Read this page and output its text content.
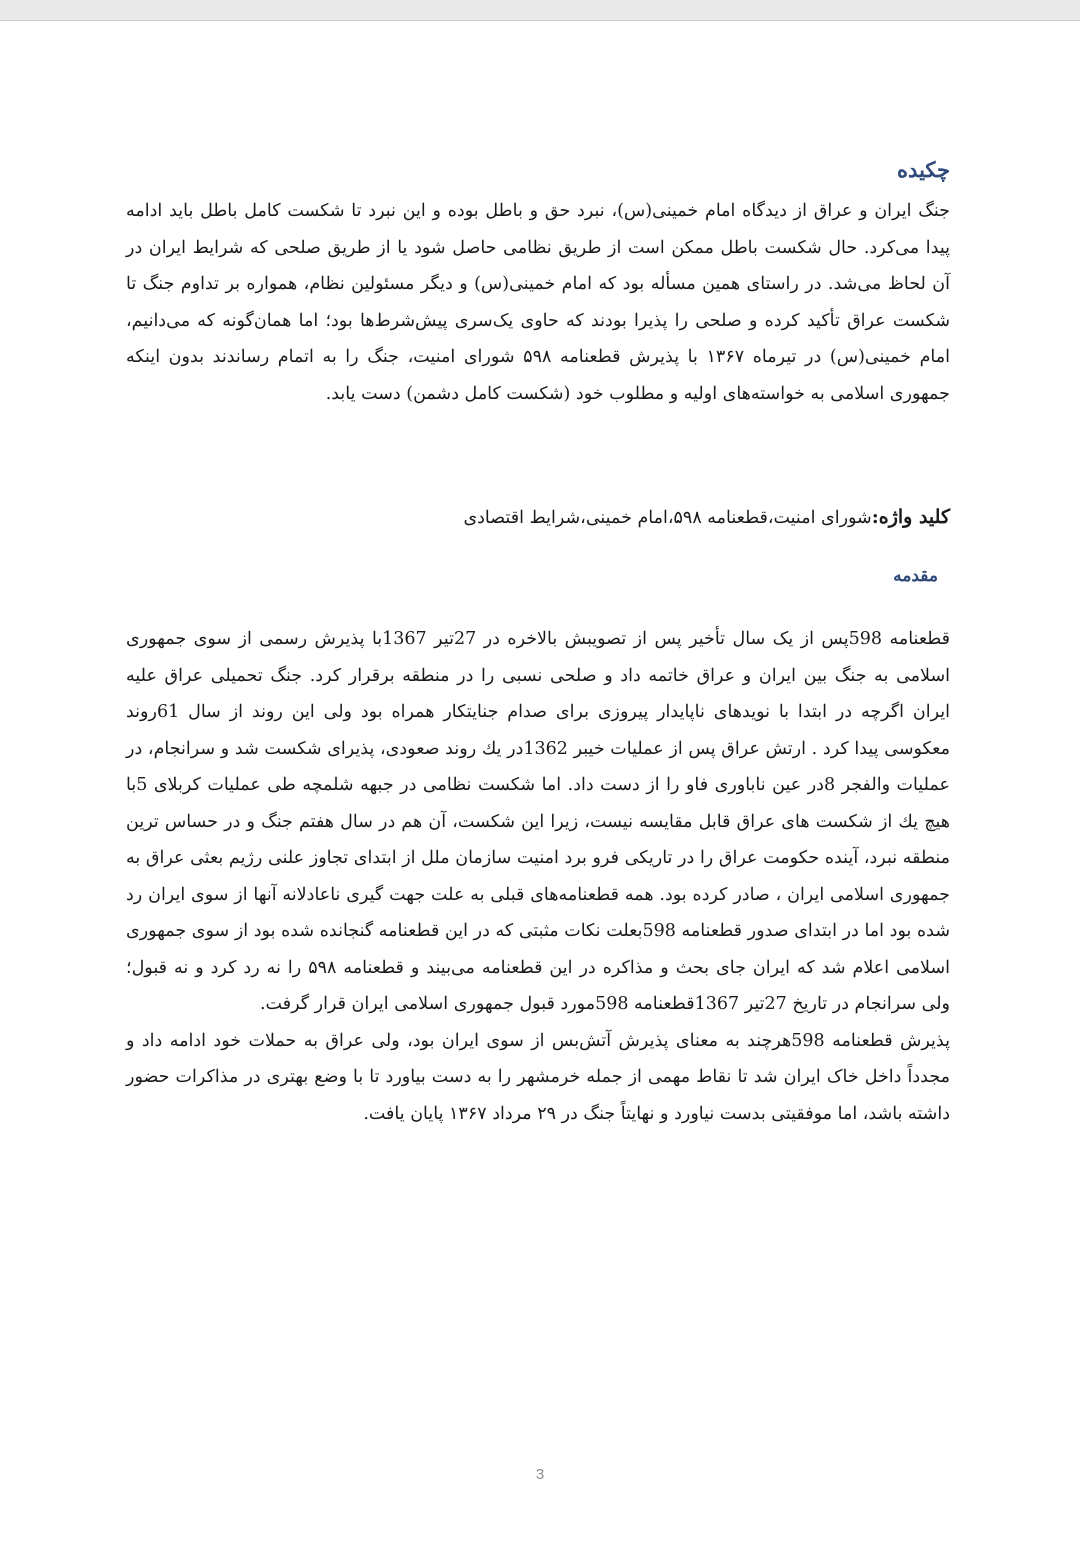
چکیده

جنگ ایران و عراق از دیدگاه امام خمینی(س)، نبرد حق و باطل بوده و این نبرد تا شکست کامل باطل باید ادامه پیدا می‌کرد. حال شکست باطل ممکن است از طریق نظامی حاصل شود یا از طریق صلحی که شرایط ایران در آن لحاظ می‌شد. در راستای همین مسأله بود که امام خمینی(س) و دیگر مسئولین نظام، همواره بر تداوم جنگ تا شکست عراق تأکید کرده و صلحی را پذیرا بودند که حاوی یک‌سری پیش‌شرط‌ها بود؛ اما همان‌گونه که می‌دانیم، امام خمینی(س) در تیرماه ۱۳۶۷ با پذیرش قطعنامه ۵۹۸ شورای امنیت، جنگ را به اتمام رساندند بدون اینکه جمهوری اسلامی به خواسته‌های اولیه و مطلوب خود (شکست کامل دشمن) دست یابد.

کلید واژه:شورای امنیت،قطعنامه ۵۹۸،امام خمینی،شرایط اقتصادی

مقدمه

قطعنامه 598پس از یک سال تأخیر پس از تصویبش بالاخره در 27تیر 1367با پذیرش رسمی از سوی جمهوری اسلامی به جنگ بین ایران و عراق خاتمه داد و صلحی نسبی را در منطقه برقرار کرد. جنگ تحمیلی عراق علیه ایران اگرچه در ابتدا با نویدهای ناپایدار پیروزی برای صدام جنایتکار همراه بود ولی این روند از سال 61روند معکوسی پیدا کرد . ارتش عراق پس از عملیات خیبر 1362در یك روند صعودی، پذیرای شکست شد و سرانجام، در عملیات والفجر 8در عین ناباوری فاو را از دست داد. اما شکست نظامی در جبهه شلمچه طی عملیات کربلای 5با هیچ یك از شکست های عراق قابل مقایسه نیست، زیرا این شکست، آن هم در سال هفتم جنگ و در حساس ترین منطقه نبرد، آینده حکومت عراق را در تاریکی فرو برد امنیت سازمان ملل از ابتدای تجاوز علنی رژیم بعثی عراق به جمهوری اسلامی ایران ، صادر کرده بود. همه قطعنامه‌های قبلی به علت جهت گیری ناعادلانه آنها از سوی ایران رد شده بود اما در ابتدای صدور قطعنامه 598بعلت نکات مثبتی که در این قطعنامه گنجانده شده بود از سوی جمهوری اسلامی اعلام شد که ایران جای بحث و مذاکره در این قطعنامه می‌بیند و قطعنامه ۵۹۸ را نه رد کرد و نه قبول؛ ولی سرانجام در تاریخ 27تیر 1367قطعنامه 598مورد قبول جمهوری اسلامی ایران قرار گرفت.

پذیرش قطعنامه 598هرچند به معنای پذیرش آتش‌بس از سوی ایران بود، ولی عراق به حملات خود ادامه داد و مجدداً داخل خاک ایران شد تا نقاط مهمی از جمله خرمشهر را به دست بیاورد تا با وضع بهتری در مذاکرات حضور داشته باشد، اما موفقیتی بدست نیاورد و نهایتاً جنگ در ۲۹ مرداد ۱۳۶۷ پایان یافت.

3
